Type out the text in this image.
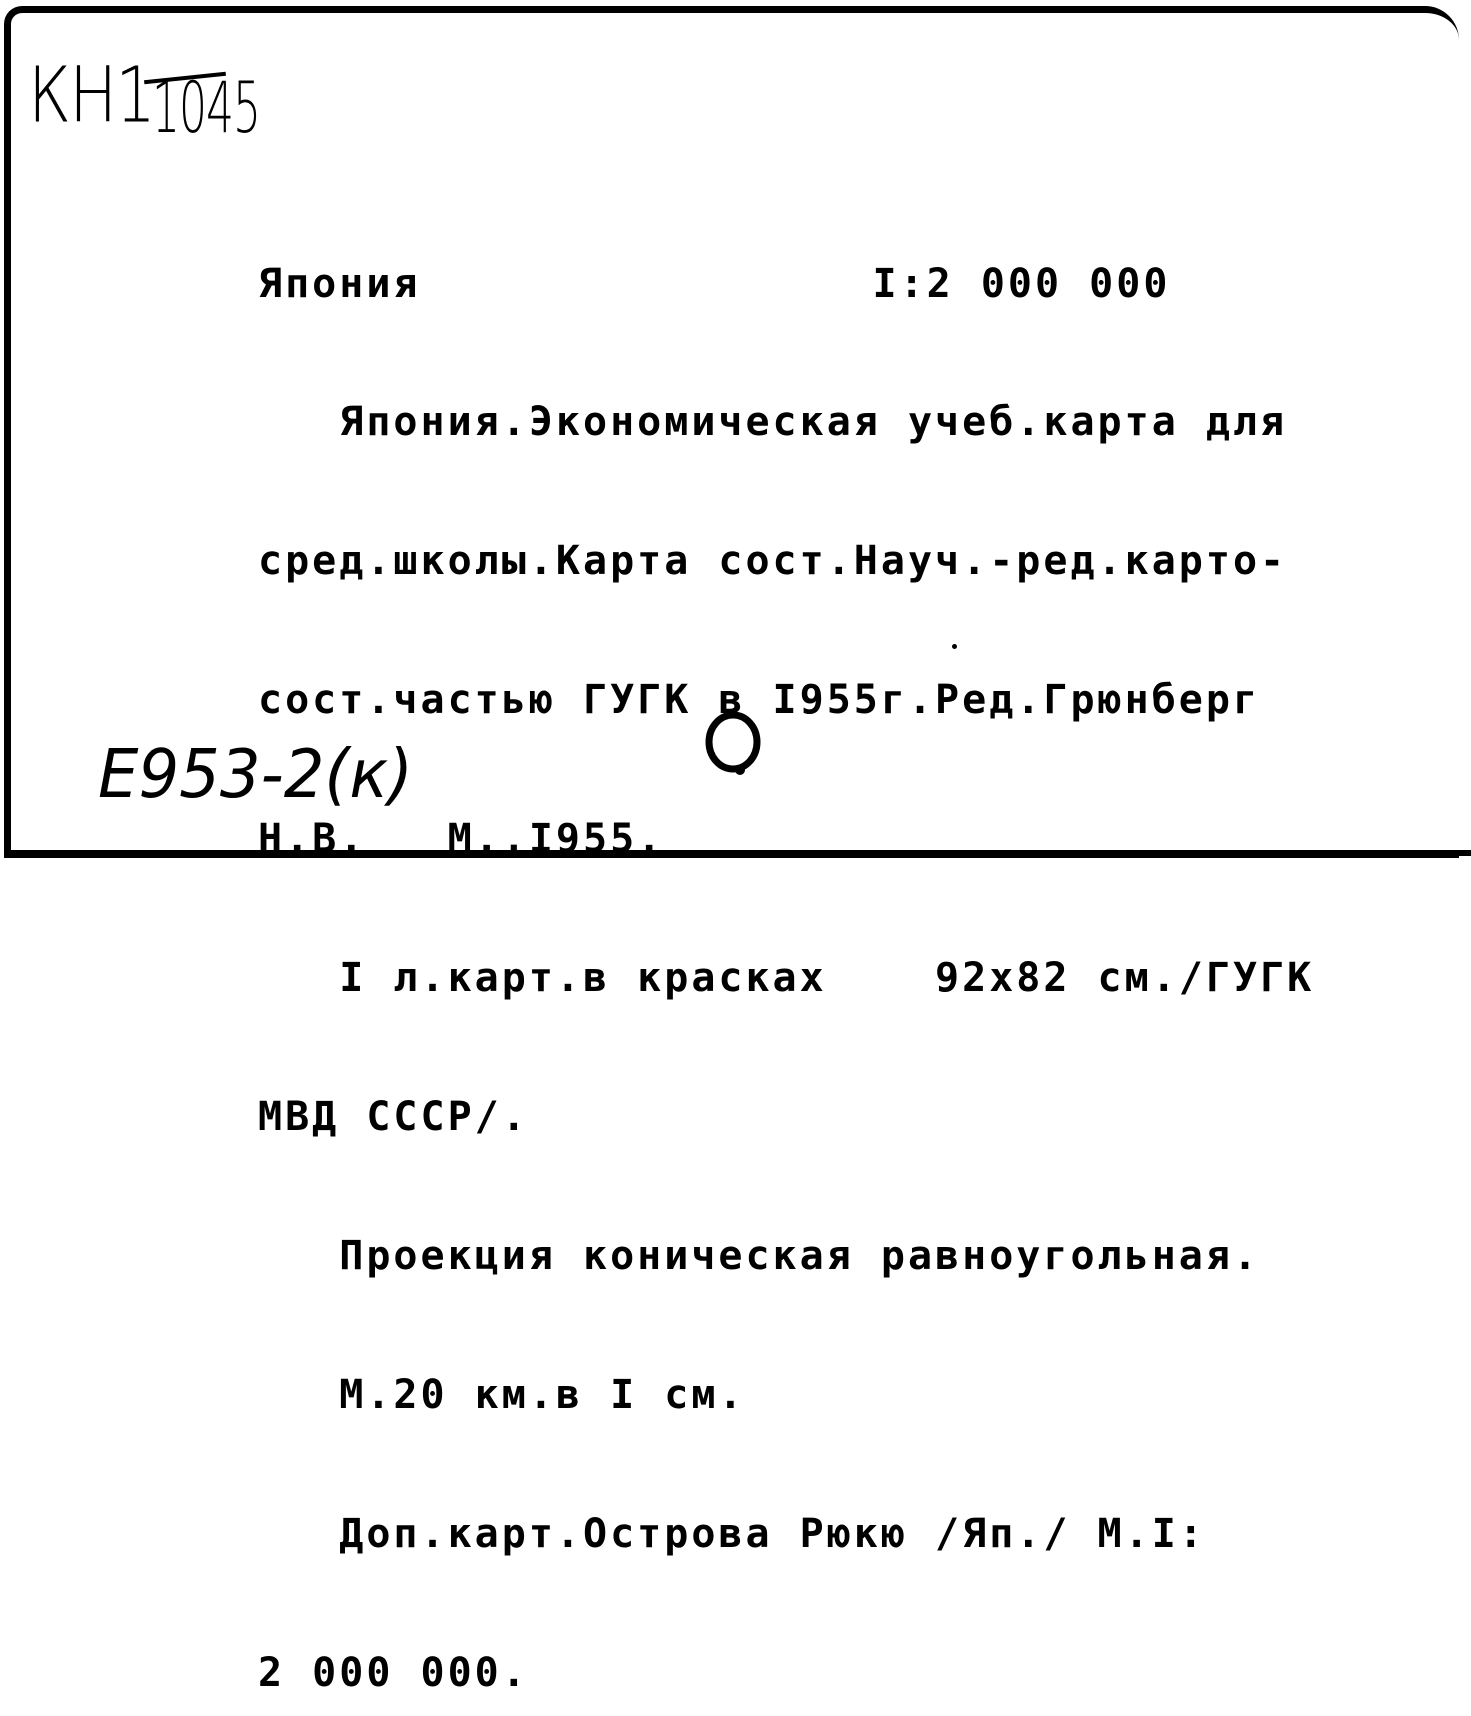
КН1
1045

Япония	I:2 000 000

Япония.Экономическая учеб.карта для

сред.школы.Карта сост.Науч.-ред.карто-

сост.частью ГУГК в I955г.Ред.Грюнберг

Н.В.   М.,I955.

I л.карт.в красках    92x82 см./ГУГК

МВД СССР/.

Проекция коническая равноугольная.

М.20 км.в I см.

Доп.карт.Острова Рюкю /Яп./ М.I:

2 000 000.

Е953-2(к)
